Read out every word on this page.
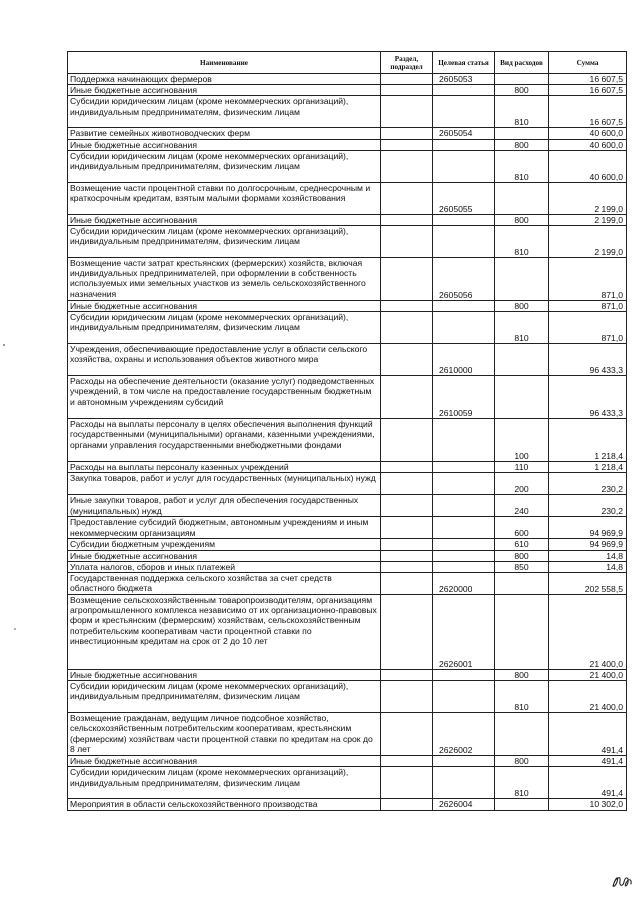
Наименование	Раздел, подраздел	Целевая статья	Вид расходов	Сумма
Поддержка начинающих фермеров		2605053		16 607,5
Иные бюджетные ассигнования			800	16 607,5
Субсидии юридическим лицам (кроме некоммерческих организаций), индивидуальным предпринимателям, физическим лицам			810	16 607,5
Развитие семейных животноводческих ферм		2605054		40 600,0
Иные бюджетные ассигнования			800	40 600,0
Субсидии юридическим лицам (кроме некоммерческих организаций), индивидуальным предпринимателям, физическим лицам			810	40 600,0
Возмещение части процентной ставки по долгосрочным, среднесрочным и краткосрочным кредитам, взятым малыми формами хозяйствования		2605055		2 199,0
Иные бюджетные ассигнования			800	2 199,0
Субсидии юридическим лицам (кроме некоммерческих организаций), индивидуальным предпринимателям, физическим лицам			810	2 199,0
Возмещение части затрат крестьянских (фермерских) хозяйств, включая индивидуальных предпринимателей, при оформлении в собственность используемых ими земельных участков из земель сельскохозяйственного назначения		2605056		871,0
Иные бюджетные ассигнования			800	871,0
Субсидии юридическим лицам (кроме некоммерческих организаций), индивидуальным предпринимателям, физическим лицам			810	871,0
Учреждения, обеспечивающие предоставление услуг в области сельского хозяйства, охраны и использования объектов животного мира		2610000		96 433,3
Расходы на обеспечение деятельности (оказание услуг) подведомственных учреждений, в том числе на предоставление государственным бюджетным и автономным учреждениям субсидий		2610059		96 433,3
Расходы на выплаты персоналу в целях обеспечения выполнения функций государственными (муниципальными) органами, казенными учреждениями, органами управления государственными внебюджетными фондами			100	1 218,4
Расходы на выплаты персоналу казенных учреждений			110	1 218,4
Закупка товаров, работ и услуг для государственных (муниципальных) нужд			200	230,2
Иные закупки товаров, работ и услуг для обеспечения государственных (муниципальных) нужд			240	230,2
Предоставление субсидий бюджетным, автономным учреждениям и иным некоммерческим организациям			600	94 969,9
Субсидии бюджетным учреждениям			610	94 969,9
Иные бюджетные ассигнования			800	14,8
Уплата налогов, сборов и иных платежей			850	14,8
Государственная поддержка сельского хозяйства за счет средств областного бюджета		2620000		202 558,5
Возмещение сельскохозяйственным товаропроизводителям, организациям агропромышленного комплекса независимо от их организационно-правовых форм и крестьянским (фермерским) хозяйствам, сельскохозяйственным потребительским кооперативам части процентной ставки по инвестиционным кредитам на срок от 2 до 10 лет		2626001		21 400,0
Иные бюджетные ассигнования			800	21 400,0
Субсидии юридическим лицам (кроме некоммерческих организаций), индивидуальным предпринимателям, физическим лицам			810	21 400,0
Возмещение гражданам, ведущим личное подсобное хозяйство, сельскохозяйственным потребительским кооперативам, крестьянским (фермерским) хозяйствам части процентной ставки по кредитам на срок до 8 лет		2626002		491,4
Иные бюджетные ассигнования			800	491,4
Субсидии юридическим лицам (кроме некоммерческих организаций), индивидуальным предпринимателям, физическим лицам			810	491,4
Мероприятия в области сельскохозяйственного производства		2626004		10 302,0
